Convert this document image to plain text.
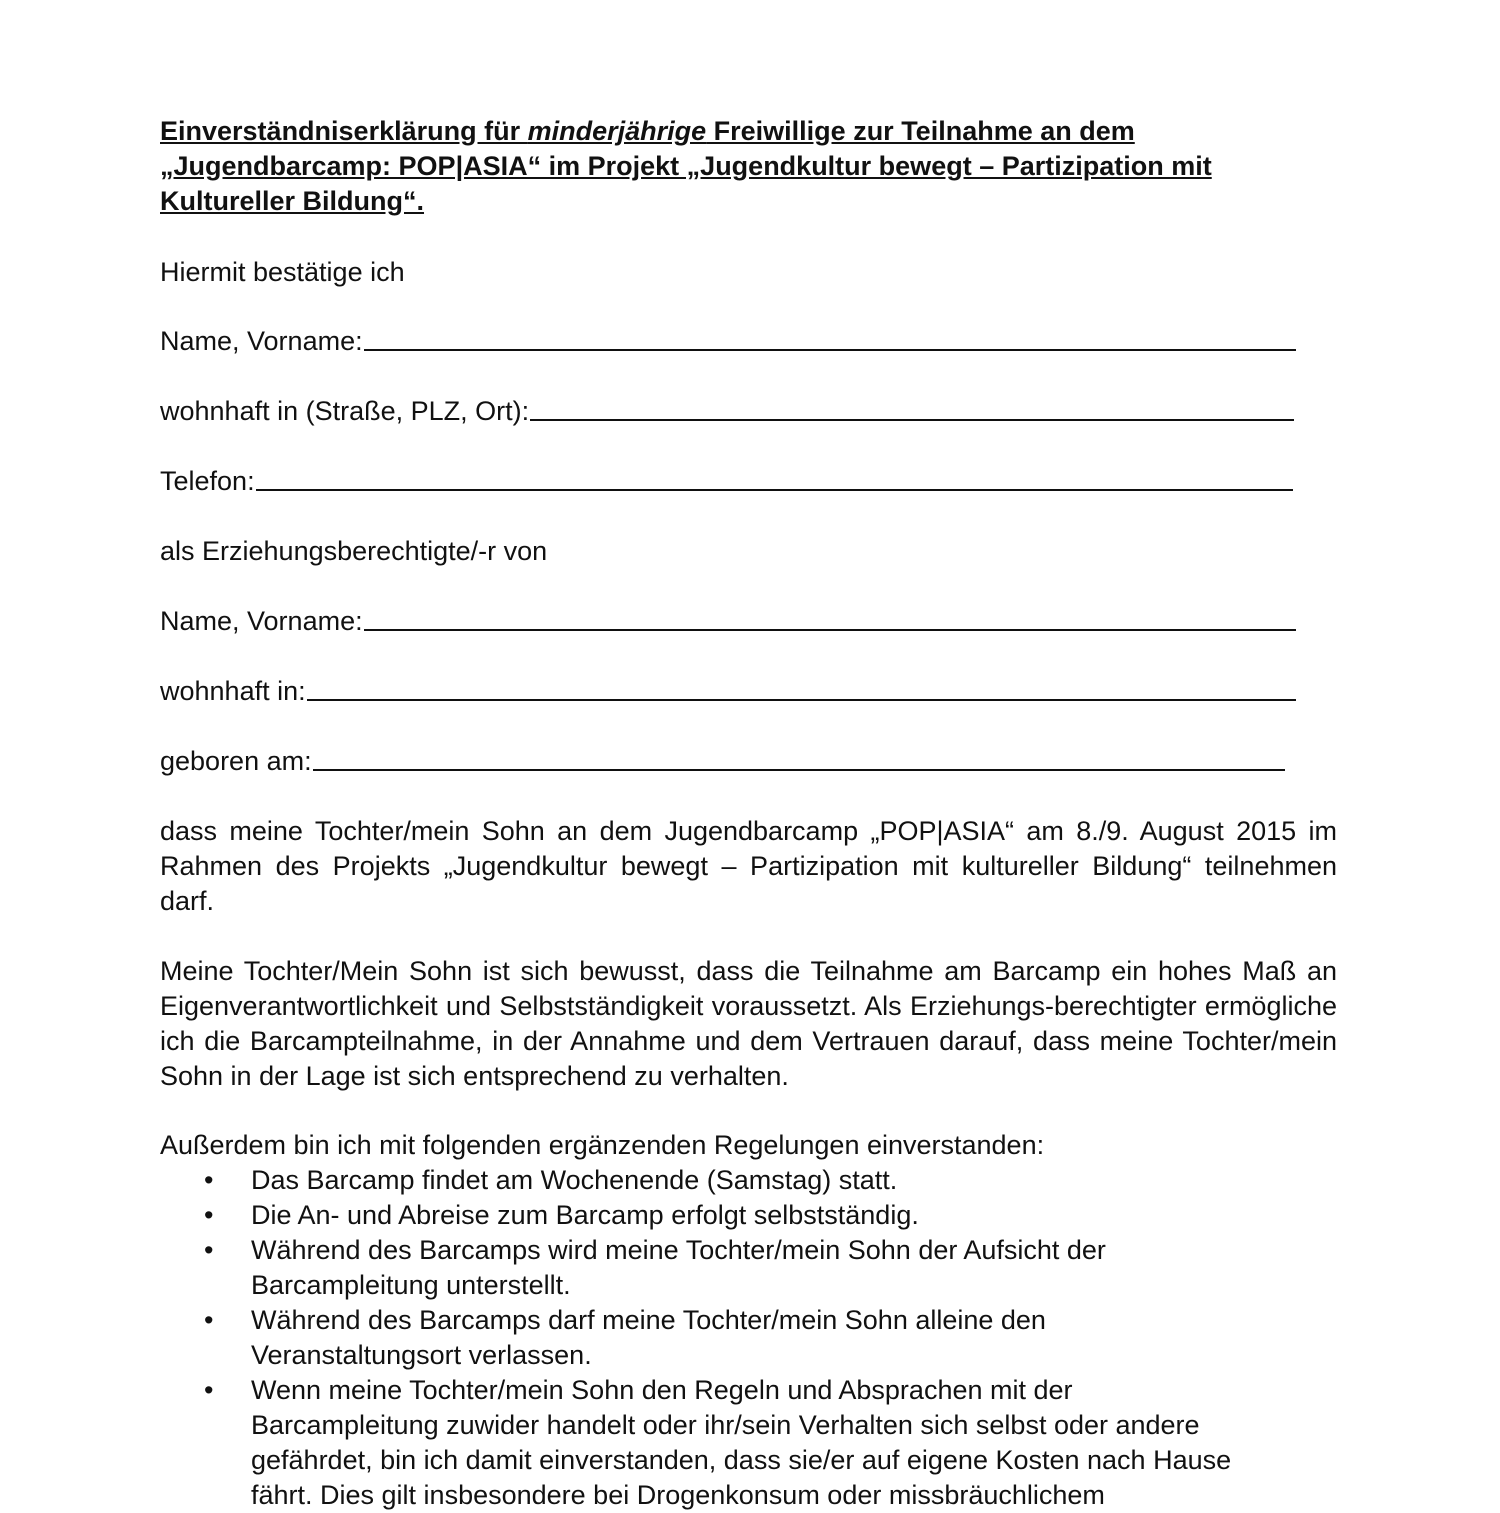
Einverständniserklärung für minderjährige Freiwillige zur Teilnahme an dem „Jugendbarcamp: POP|ASIA“ im Projekt „Jugendkultur bewegt – Partizipation mit Kultureller Bildung“.
Hiermit bestätige ich
Name, Vorname:
wohnhaft in (Straße, PLZ, Ort):
Telefon:
als Erziehungsberechtigte/-r von
Name, Vorname:
wohnhaft in:
geboren am:
dass meine Tochter/mein Sohn an dem Jugendbarcamp „POP|ASIA“ am 8./9. August 2015 im Rahmen des Projekts „Jugendkultur bewegt – Partizipation mit kultureller Bildung“ teilnehmen darf.
Meine Tochter/Mein Sohn ist sich bewusst, dass die Teilnahme am Barcamp ein hohes Maß an Eigenverantwortlichkeit und Selbstständigkeit voraussetzt. Als Erziehungs-berechtigter ermögliche ich die Barcampteilnahme, in der Annahme und dem Vertrauen darauf, dass meine Tochter/mein Sohn in der Lage ist sich entsprechend zu verhalten.
Außerdem bin ich mit folgenden ergänzenden Regelungen einverstanden:
• Das Barcamp findet am Wochenende (Samstag) statt.
• Die An- und Abreise zum Barcamp erfolgt selbstständig.
• Während des Barcamps wird meine Tochter/mein Sohn der Aufsicht der Barcampleitung unterstellt.
• Während des Barcamps darf meine Tochter/mein Sohn alleine den Veranstaltungsort verlassen.
• Wenn meine Tochter/mein Sohn den Regeln und Absprachen mit der Barcampleitung zuwider handelt oder ihr/sein Verhalten sich selbst oder andere gefährdet, bin ich damit einverstanden, dass sie/er auf eigene Kosten nach Hause fährt. Dies gilt insbesondere bei Drogenkonsum oder missbräuchlichem
